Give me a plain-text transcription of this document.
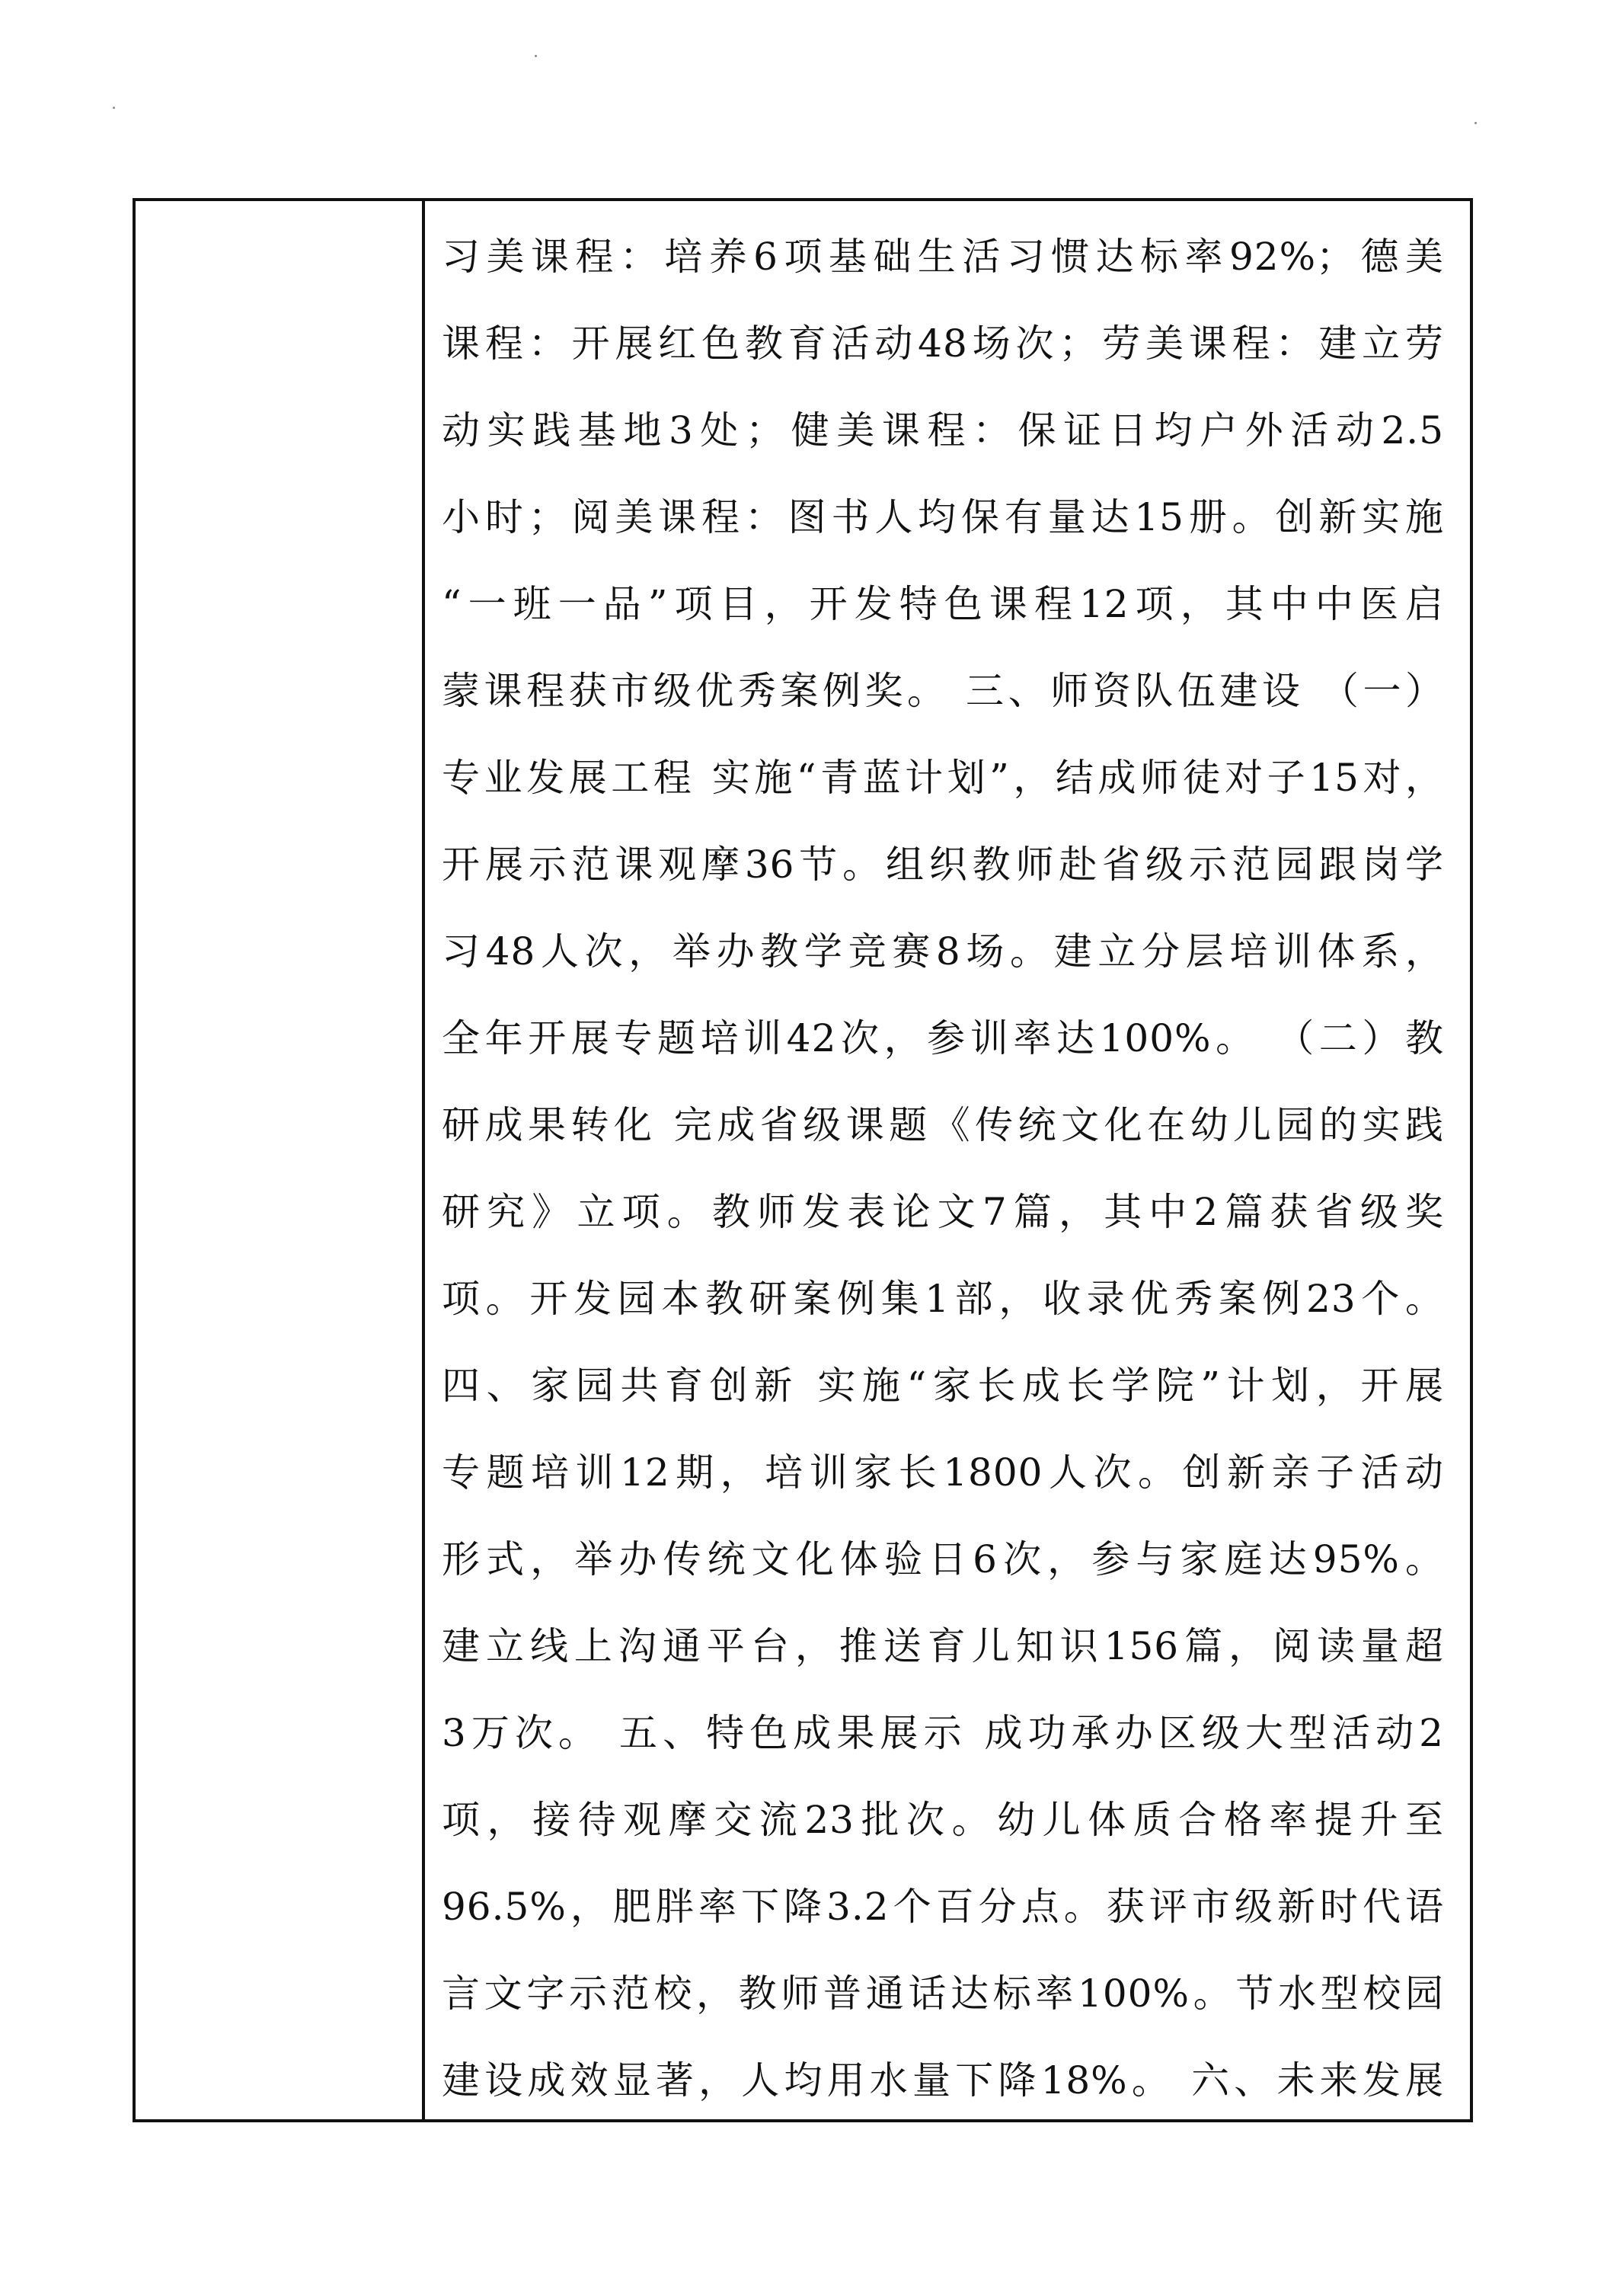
习美课程：培养6项基础生活习惯达标率92%；德美
课程：开展红色教育活动48场次；劳美课程：建立劳
动实践基地3处；健美课程：保证日均户外活动2.5
小时；阅美课程：图书人均保有量达15册。创新实施
“一班一品”项目，开发特色课程12项，其中中医启
蒙课程获市级优秀案例奖。 三、师资队伍建设 （一）
专业发展工程 实施“青蓝计划”，结成师徒对子15对，
开展示范课观摩36节。组织教师赴省级示范园跟岗学
习48人次，举办教学竞赛8场。建立分层培训体系，
全年开展专题培训42次，参训率达100%。 （二）教
研成果转化 完成省级课题《传统文化在幼儿园的实践
研究》立项。教师发表论文7篇，其中2篇获省级奖
项。开发园本教研案例集1部，收录优秀案例23个。
四、家园共育创新 实施“家长成长学院”计划，开展
专题培训12期，培训家长1800人次。创新亲子活动
形式，举办传统文化体验日6次，参与家庭达95%。
建立线上沟通平台，推送育儿知识156篇，阅读量超
3万次。 五、特色成果展示 成功承办区级大型活动2
项，接待观摩交流23批次。幼儿体质合格率提升至
96.5%，肥胖率下降3.2个百分点。获评市级新时代语
言文字示范校，教师普通话达标率100%。节水型校园
建设成效显著，人均用水量下降18%。 六、未来发展
